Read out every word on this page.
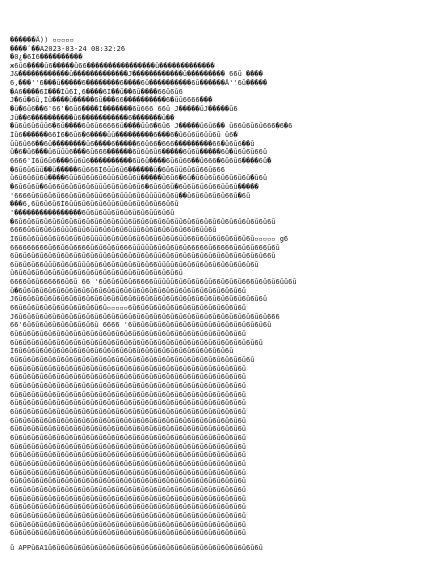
������Ǟ)) ▫▫▫▫▫
����ʹ��Ȧ2023-03-24 08:32:26
�0¿�6Ǐ6����������
ж6ǘ6����ǘ6�����ǘ66����������������ǘ�������������
J&������������ǘ�������������J������������ǘ��������� 66ǘ ����
6,���''6���ǘ�����6��������6����6ǘ����������6ǘ������Ǟ''6ǘ�����
�À6����6Ǐ���Ǐǘ6Ǐ,6����6Ǐ��ǘ��6ǘ����66ǘ6ǘ6
J�6ǘ�6ǘ,Ǐǘ����ǘ�����6ǘ���66����������6�ǘǘ6666���
�ǘ�6ǘ6��6'66'�6ǘ6����Ǐ�������6ǘ666 66ǘ J�����ǘJ�����ǘ6
Jǘ��6����������ǘ6�����������6�������ǘ��
�ǘ6ǘ6ǘ6ǘǘ6�6ǘ����6ǘ6ǘ66666ǘ����ǘǘ6�6ǘ6 J�����ǘ6ǘ6�� ǘ66ǘ6ǘ6ǘ666�6�6
Ǐǘ6������66Ǐ6�6ǘ6�6����ǘǘ���������6���6�ǘ6ǘ6ǘ6ǘǘ6ǘ ǘ6�
ǘǘ6ǘ66��6ǘ��������ǘ6����6�����66ǘ66�666���������66�ǘ6ǘ6��ǘ
ǘ�6�ǘ6���ǘ6ǘǘǘ6���6ǘ666������6ǘ6ǘ6ǘ6�����6ǘ6ǘ�����6ǘ�ǘ6ǘ6ǘ66ǘ
6666'Ǐ6ǘ6ǘ6���6ǘ6ǘ6����������6ǘ6ǘ����6ǘ6ǘ66��ǘ666�6ǘ6ǘ6����6ǘ�
�6ǘ6ǘ6ǘǘ��ǘ�����6ǘ666Ǐ6ǘǘ6ǘ6������ǘ�6ǘ6ǘǘ6ǘ6ǘ66ǘ666
ǘ6ǘ6ǘ6ǘ6ǘ����6ǘǘ6ǘ6ǘ6ǘ6ǘǘ6ǘ6ǘ6ǘ�����ǘ6ǘ6�6ǘ�ǘ6ǘ6ǘ6ǘ6ǘ6ǘ6ǘ�ǘ6ǘ
�6ǘ6ǘ6ǘ�6ǘ66ǘ6ǘ6ǘ6ǘ6ǘǘǘ6ǘ6ǘ6ǘ6ǘ6�6ǘ6ǘ6ǘ�6ǘ6ǘ6ǘ6ǘ66ǘǘ6ǘ�����
'6666ǘ6ǘ6ǘ6ǘ66ǘ6ǘ6ǘ6ǘǘ66ǘ6ǘǘǘ6ǘ6ǘǘǘǘ6ǘ6ǘ��ǘ6ǘ6ǘ6ǘ6ǘ66ǘ�6ǘ
���6,6ǘ6ǘ6ǘ6Ǐ6ǘǘ6ǘ6ǘ6ǘ6ǘǘ6ǘ6ǘ6ǘ6ǘ6ǘ66ǘ6ǘ
'����������������6ǘ6ǘ6ǘǘ6ǘ6ǘ6ǘ6ǘ6ǘǘ6ǘ6ǘ
�6ǘ6ǘ6ǘ6ǘ6ǘ6ǘ6ǘ6ǘ6ǘ6ǘ6ǘ6ǘ6ǘǘ6ǘ6ǘ6ǘ6ǘ6ǘ6ǘǘ6ǘ6ǘ6ǘ6ǘ6ǘ6ǘ6ǘ6ǘ6ǘ6ǘ6ǘ
6666ǘ6ǘ6ǘ6ǘ6ǘǘǘ6ǘǘ6ǘǘ6ǘ6ǘ6ǘ6ǘǘǘ6ǘ6ǘ6ǘ6ǘ6ǘ66ǘ6ǘǘ6ǘ
Ǐ6ǘ6ǘ6ǘǘ6ǘ6ǘ6ǘ6ǘ6ǘ6ǘǘǘǘ6ǘ6ǘ6ǘ6ǘ6ǘ6ǘ6ǘ6ǘ6ǘǘ66ǘ6ǘǘ6ǘ6ǘ6ǘ6ǘ6ǘ▫▫▫▫▫ g6
666666666ǘ66ǘ6ǘ6666ǘ6ǘ6ǘ6ǘ666ǘǘǘǘǘ6ǘ6ǘ6ǘ6ǘ66666ǘ66666ǘ6ǘ6ǘ666ǘ6ǘ
6ǘ6ǘ6ǘ6ǘ6ǘ6ǘ6ǘ6ǘ6ǘ6ǘ6ǘǘ6ǘ6ǘ6ǘ6ǘ6ǘ6ǘǘ6ǘ6ǘ6ǘ6ǘ6ǘ6ǘ6ǘ6ǘ6ǘ6ǘ6ǘ6ǘ66ǘ
6ǘ6ǘ6ǘ66ǘǘǘ6ǘ6ǘ6ǘǘǘ6ǘ6ǘ6ǘ6ǘ6ǘ6ǘ6ǘ66ǘǘǘǘ6ǘ6ǘ6ǘ6ǘ6ǘ6ǘ6ǘ6ǘ6ǘ6ǘ
ǘ6ǘ6ǘ6ǘ6ǘ6ǘ6ǘ6ǘ6ǘ6ǘ6ǘ6ǘ6ǘ6ǘ6ǘ6ǘ6ǘ6ǘ6ǘ6ǘ6ǘ
6666ǘ6ǘ666666ǘ6ǘ 66 '6ǘ6ǘ6ǘ6ǘ66666ǘǘǘǘǘ6ǘ6ǘ6ǘ6ǘǘ66ǘ6ǘ6ǘ666ǘ6ǘ6ǘ6ǘǘ6ǘ
ǘ�6ǘ6ǘ6ǘ6ǘ6ǘ6ǘ6ǘ6ǘ6ǘ6ǘ6ǘ6ǘ6ǘ6ǘ6ǘ6ǘ6ǘ6ǘ6ǘ6ǘ6ǘ6ǘ6ǘ6ǘ6ǘ6ǘ6ǘ
J6ǘ6ǘ6ǘ6ǘ6ǘ6ǘ6ǘ6ǘ6ǘ6ǘ6ǘ6ǘ6ǘ6ǘ6ǘ6ǘ6ǘ6ǘ6ǘ6ǘ6ǘ6ǘ6ǘ6ǘ6ǘ6ǘ6ǘ6ǘ6ǘ6ǘ
66ǘ6ǘ6ǘ6ǘ6ǘ6ǘ6ǘ6ǘ6ǘ6ǘ6ǘ▫▫▫▫▫6ǘ6ǘ6ǘ6ǘ6ǘ6ǘ6ǘ6ǘ6ǘ6ǘ6ǘ6ǘ6ǘ6ǘ
J6ǘ6ǘ6ǘ6ǘ6ǘ6ǘ6ǘ6ǘ6ǘ6ǘ6ǘ6ǘ6ǘ6ǘ6ǘ6ǘ6ǘ6ǘ6ǘ6ǘ6ǘ6ǘ6ǘ6ǘ6ǘ6ǘ6ǘ6ǘ6ǘ6ǘ666
66'6ǘ6ǘ6ǘ6ǘ6ǘ6ǘ6ǘ6ǘ6ǘ 6666 '6ǘ6ǘ6ǘ6ǘ6ǘ6ǘ6ǘ6ǘ6ǘ6ǘ6ǘ6ǘ6ǘ6ǘ6ǘ6ǘ6ǘ
6ǘ6ǘ6ǘ6ǘ6ǘ6ǘ6ǘ6ǘ6ǘ6ǘ6ǘ6ǘ6ǘ6ǘ6ǘ6ǘ6ǘ6ǘ6ǘ6ǘ6ǘ6ǘ6ǘ6ǘ6ǘ6ǘ6ǘ6ǘ
6ǘ6ǘ6ǘ6ǘ6ǘ6ǘ6ǘ6ǘ6ǘ6ǘ6ǘ6ǘ6ǘ6ǘ6ǘ6ǘ6ǘ6ǘ6ǘ6ǘ6ǘ6ǘ6ǘ6ǘ6ǘ6ǘ6ǘ6ǘ6ǘ6ǘ
Ǐ6ǘ6ǘ6ǘ6ǘ6ǘ6ǘ6ǘ6ǘ6ǘ6ǘ6ǘ6ǘ6ǘ6ǘ6ǘ6ǘ6ǘ6ǘ6ǘ6ǘ6ǘ6ǘ6ǘ6ǘ6ǘ6ǘ
6ǘ6ǘ6ǘ6ǘ6ǘ6ǘ6ǘ6ǘ6ǘ6ǘ6ǘ6ǘ6ǘ6ǘ6ǘ6ǘ6ǘ6ǘ6ǘ6ǘ6ǘ6ǘ6ǘ6ǘ6ǘ6ǘ6ǘ6ǘ6ǘ
6ǘ6ǘ6ǘ6ǘ6ǘ6ǘ6ǘ6ǘ6ǘ6ǘ6ǘ6ǘ6ǘ6ǘ6ǘ6ǘ6ǘ6ǘ6ǘ6ǘ6ǘ6ǘ6ǘ6ǘ6ǘ6ǘ6ǘ6ǘ
6ǘ6ǘ6ǘ6ǘ6ǘ6ǘ6ǘ6ǘ6ǘ6ǘ6ǘ6ǘ6ǘ6ǘ6ǘ6ǘ6ǘ6ǘ6ǘ6ǘ6ǘ6ǘ6ǘ6ǘ6ǘ6ǘ6ǘ6ǘ
6ǘ6ǘ6ǘ6ǘ6ǘ6ǘ6ǘ6ǘ6ǘ6ǘ6ǘ6ǘ6ǘ6ǘ6ǘ6ǘ6ǘ6ǘ6ǘ6ǘ6ǘ6ǘ6ǘ6ǘ6ǘ6ǘ6ǘ6ǘ
6ǘ6ǘ6ǘ6ǘ6ǘ6ǘ6ǘ6ǘ6ǘ6ǘ6ǘ6ǘ6ǘ6ǘ6ǘ6ǘ6ǘ6ǘ6ǘ6ǘ6ǘ6ǘ6ǘ6ǘ6ǘ6ǘ6ǘ6ǘ
6ǘ6ǘ6ǘ6ǘ6ǘ6ǘ6ǘ6ǘ6ǘ6ǘ6ǘ6ǘ6ǘ6ǘ6ǘ6ǘ6ǘ6ǘ6ǘ6ǘ6ǘ6ǘ6ǘ6ǘ6ǘ6ǘ6ǘ6ǘ
6ǘ6ǘ6ǘ6ǘ6ǘ6ǘ6ǘ6ǘ6ǘ6ǘ6ǘ6ǘ6ǘ6ǘ6ǘ6ǘ6ǘ6ǘ6ǘ6ǘ6ǘ6ǘ6ǘ6ǘ6ǘ6ǘ6ǘ6ǘ
6ǘ6ǘ6ǘ6ǘ6ǘ6ǘ6ǘ6ǘ6ǘ6ǘ6ǘ6ǘ6ǘ6ǘ6ǘ6ǘ6ǘ6ǘ6ǘ6ǘ6ǘ6ǘ6ǘ6ǘ6ǘ6ǘ6ǘ6ǘ
6ǘ6ǘ6ǘ6ǘ6ǘ6ǘ6ǘ6ǘ6ǘ6ǘ6ǘ6ǘ6ǘ6ǘ6ǘ6ǘ6ǘ6ǘ6ǘ6ǘ6ǘ6ǘ6ǘ6ǘ6ǘ6ǘ6ǘ6ǘ
6ǘ6ǘ6ǘ6ǘ6ǘ6ǘ6ǘ6ǘ6ǘ6ǘ6ǘ6ǘ6ǘ6ǘ6ǘ6ǘ6ǘ6ǘ6ǘ6ǘ6ǘ6ǘ6ǘ6ǘ6ǘ6ǘ6ǘ6ǘ
6ǘ6ǘ6ǘ6ǘ6ǘ6ǘ6ǘ6ǘ6ǘ6ǘ6ǘ6ǘ6ǘ6ǘ6ǘ6ǘ6ǘ6ǘ6ǘ6ǘ6ǘ6ǘ6ǘ6ǘ6ǘ6ǘ6ǘ6ǘ
6ǘ6ǘ6ǘ6ǘ6ǘ6ǘ6ǘ6ǘ6ǘ6ǘ6ǘ6ǘ6ǘ6ǘ6ǘ6ǘ6ǘ6ǘ6ǘ6ǘ6ǘ6ǘ6ǘ6ǘ6ǘ6ǘ6ǘ6ǘ
6ǘ6ǘ6ǘ6ǘ6ǘ6ǘ6ǘ6ǘ6ǘ6ǘ6ǘ6ǘ6ǘ6ǘ6ǘ6ǘ6ǘ6ǘ6ǘ6ǘ6ǘ6ǘ6ǘ6ǘ6ǘ6ǘ6ǘ6ǘ
6ǘ6ǘ6ǘ6ǘ6ǘ6ǘ6ǘ6ǘ6ǘ6ǘ6ǘ6ǘ6ǘ6ǘ6ǘ6ǘ6ǘ6ǘ6ǘ6ǘ6ǘ6ǘ6ǘ6ǘ6ǘ6ǘ6ǘ6ǘ
6ǘ6ǘ6ǘ6ǘ6ǘ6ǘ6ǘ6ǘ6ǘ6ǘ6ǘ6ǘ6ǘ6ǘ6ǘ6ǘ6ǘ6ǘ6ǘ6ǘ6ǘ6ǘ6ǘ6ǘ6ǘ6ǘ6ǘ6ǘ
6ǘ6ǘ6ǘ6ǘ6ǘ6ǘ6ǘ6ǘ6ǘ6ǘ6ǘ6ǘ6ǘ6ǘ6ǘ6ǘ6ǘ6ǘ6ǘ6ǘ6ǘ6ǘ6ǘ6ǘ6ǘ6ǘ6ǘ6ǘ
6ǘ6ǘ6ǘ6ǘ6ǘ6ǘ6ǘ6ǘ6ǘ6ǘ6ǘ6ǘ6ǘ6ǘ6ǘ6ǘ6ǘ6ǘ6ǘ6ǘ6ǘ6ǘ6ǘ6ǘ6ǘ6ǘ6ǘ6ǘ
6ǘ6ǘ6ǘ6ǘ6ǘ6ǘ6ǘ6ǘ6ǘ6ǘ6ǘ6ǘ6ǘ6ǘ6ǘ6ǘ6ǘ6ǘ6ǘ6ǘ6ǘ6ǘ6ǘ6ǘ6ǘ6ǘ6ǘ6ǘ
6ǘ6ǘ6ǘ6ǘ6ǘ6ǘ6ǘ6ǘ6ǘ6ǘ6ǘ6ǘ6ǘ6ǘ6ǘ6ǘ6ǘ6ǘ6ǘ6ǘ6ǘ6ǘ6ǘ6ǘ6ǘ6ǘ6ǘ6ǘ
6ǘ6ǘ6ǘ6ǘ6ǘ6ǘ6ǘ6ǘ6ǘ6ǘ6ǘ6ǘ6ǘ6ǘ6ǘ6ǘ6ǘ6ǘ6ǘ6ǘ6ǘ6ǘ6ǘ6ǘ6ǘ6ǘ6ǘ6ǘ
6ǘ6ǘ6ǘ6ǘ6ǘ6ǘ6ǘ6ǘ6ǘ6ǘ6ǘ6ǘ6ǘ6ǘ6ǘ6ǘ6ǘ6ǘ6ǘ6ǘ6ǘ6ǘ6ǘ6ǘ6ǘ6ǘ6ǘ6ǘ
ǘ APPǘ6A1ǘ6ǘ6ǘ6ǘ6ǘ6ǘ6ǘ6ǘ6ǘ6ǘ6ǘ6ǘ6ǘ6ǘ6ǘ6ǘ6ǘ6ǘ6ǘ6ǘ6ǘ6ǘ6ǘ6ǘ6ǘ6ǘ
